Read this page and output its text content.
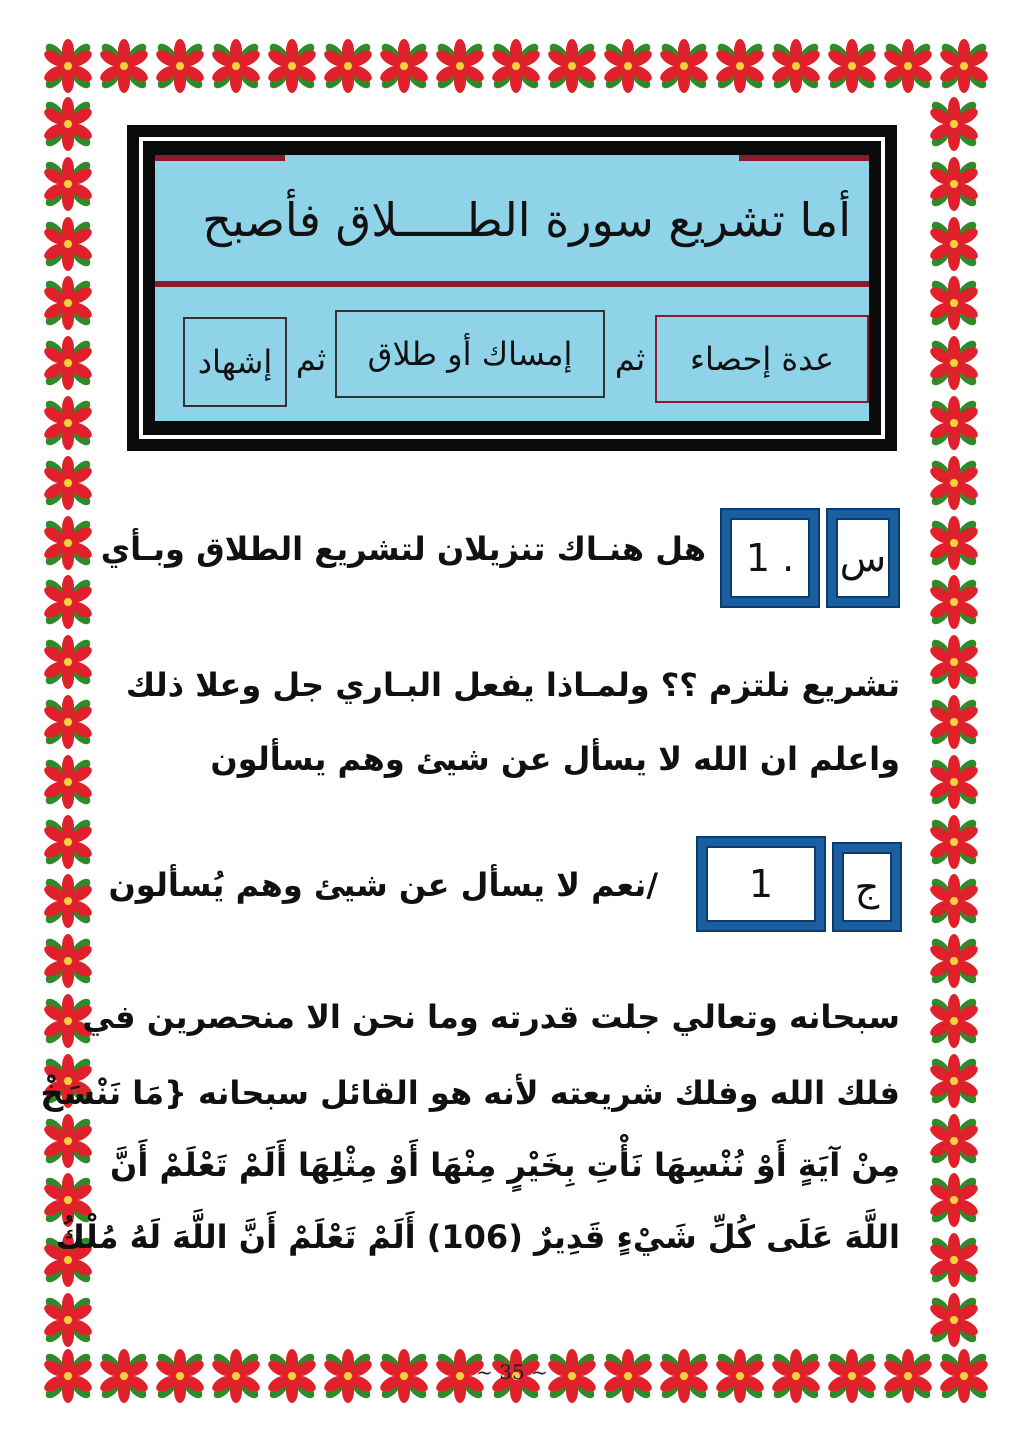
أما تشريع سورة الطـــــلاق فأصبح
عدة إحصاء
ثم
إمساك أو طلاق
ثم
إشهاد
س
1 .
هل هنـاك تنزيلان لتشريع الطلاق وبـأي
تشريع نلتزم ؟؟ ولمـاذا يفعل البـاري جل وعلا ذلك
واعلم ان الله لا يسأل عن شيئ وهم يسألون
ج
1
/نعم لا يسأل عن شيئ وهم يُسألون
سبحانه وتعالي جلت قدرته وما نحن الا منحصرين في
فلك الله وفلك شريعته لأنه هو القائل سبحانه {مَا نَنْسَخْ
مِنْ آيَةٍ أَوْ نُنْسِهَا نَأْتِ بِخَيْرٍ مِنْهَا أَوْ مِثْلِهَا أَلَمْ تَعْلَمْ أَنَّ
اللَّهَ عَلَى كُلِّ شَيْءٍ قَدِيرٌ (106) أَلَمْ تَعْلَمْ أَنَّ اللَّهَ لَهُ مُلْكُ
~ 35 ~
